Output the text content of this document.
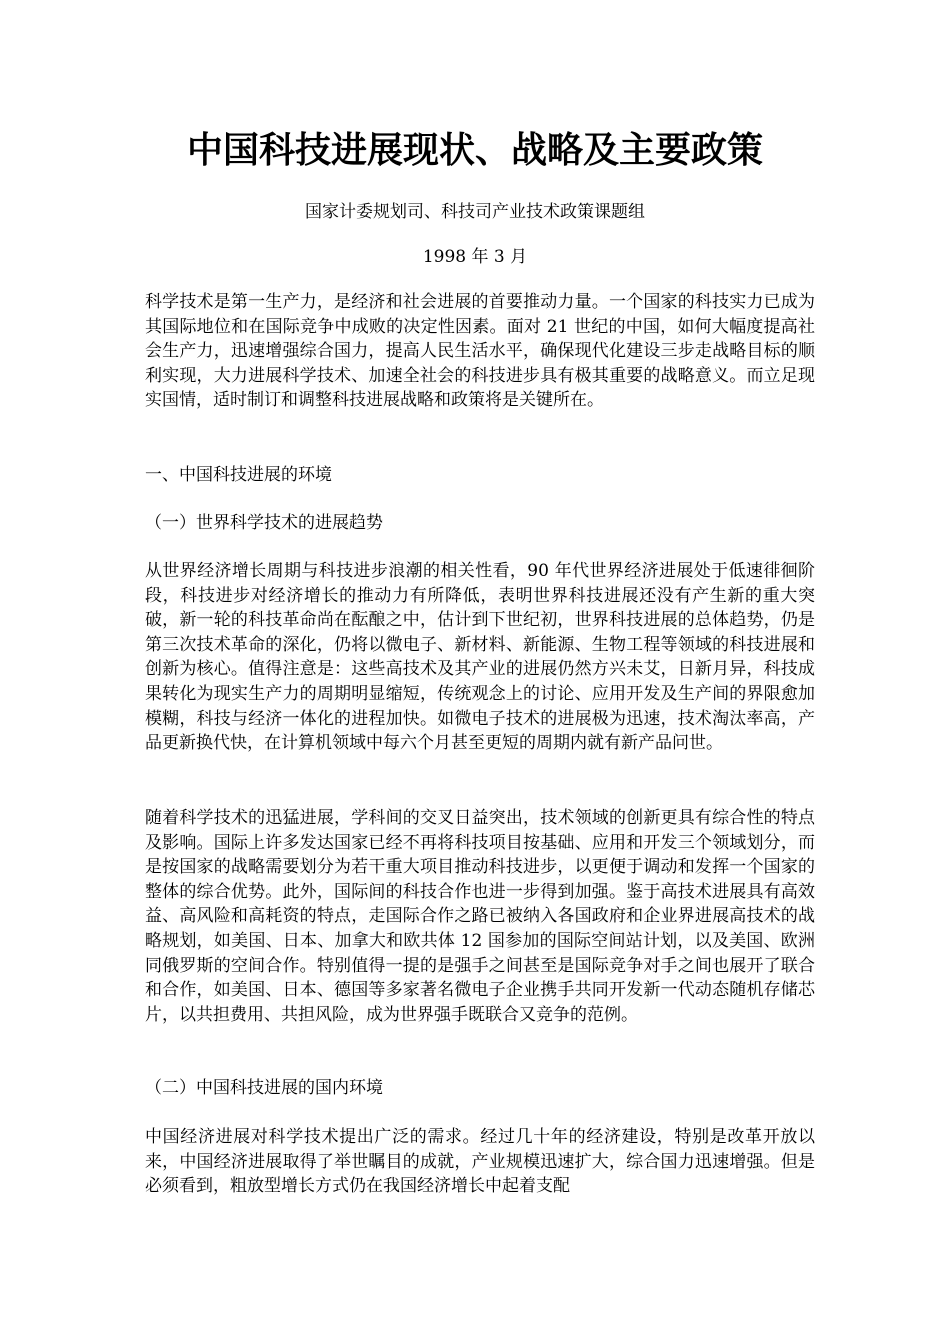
中国科技进展现状、战略及主要政策
国家计委规划司、科技司产业技术政策课题组
1998 年 3 月

科学技术是第一生产力，是经济和社会进展的首要推动力量。一个国家的科技实力已成为其国际地位和在国际竞争中成败的决定性因素。面对 21 世纪的中国，如何大幅度提高社会生产力，迅速增强综合国力，提高人民生活水平，确保现代化建设三步走战略目标的顺利实现，大力进展科学技术、加速全社会的科技进步具有极其重要的战略意义。而立足现实国情，适时制订和调整科技进展战略和政策将是关键所在。

一、中国科技进展的环境

（一）世界科学技术的进展趋势

从世界经济增长周期与科技进步浪潮的相关性看，90 年代世界经济进展处于低速徘徊阶段，科技进步对经济增长的推动力有所降低，表明世界科技进展还没有产生新的重大突破，新一轮的科技革命尚在酝酿之中，估计到下世纪初，世界科技进展的总体趋势，仍是第三次技术革命的深化，仍将以微电子、新材料、新能源、生物工程等领域的科技进展和创新为核心。值得注意是：这些高技术及其产业的进展仍然方兴未艾，日新月异，科技成果转化为现实生产力的周期明显缩短，传统观念上的讨论、应用开发及生产间的界限愈加模糊，科技与经济一体化的进程加快。如微电子技术的进展极为迅速，技术淘汰率高，产品更新换代快，在计算机领域中每六个月甚至更短的周期内就有新产品问世。

随着科学技术的迅猛进展，学科间的交叉日益突出，技术领域的创新更具有综合性的特点及影响。国际上许多发达国家已经不再将科技项目按基础、应用和开发三个领域划分，而是按国家的战略需要划分为若干重大项目推动科技进步，以更便于调动和发挥一个国家的整体的综合优势。此外，国际间的科技合作也进一步得到加强。鉴于高技术进展具有高效益、高风险和高耗资的特点，走国际合作之路已被纳入各国政府和企业界进展高技术的战略规划，如美国、日本、加拿大和欧共体 12 国参加的国际空间站计划，以及美国、欧洲同俄罗斯的空间合作。特别值得一提的是强手之间甚至是国际竞争对手之间也展开了联合和合作，如美国、日本、德国等多家著名微电子企业携手共同开发新一代动态随机存储芯片，以共担费用、共担风险，成为世界强手既联合又竞争的范例。

（二）中国科技进展的国内环境

中国经济进展对科学技术提出广泛的需求。经过几十年的经济建设，特别是改革开放以来，中国经济进展取得了举世瞩目的成就，产业规模迅速扩大，综合国力迅速增强。但是必须看到，粗放型增长方式仍在我国经济增长中起着支配
